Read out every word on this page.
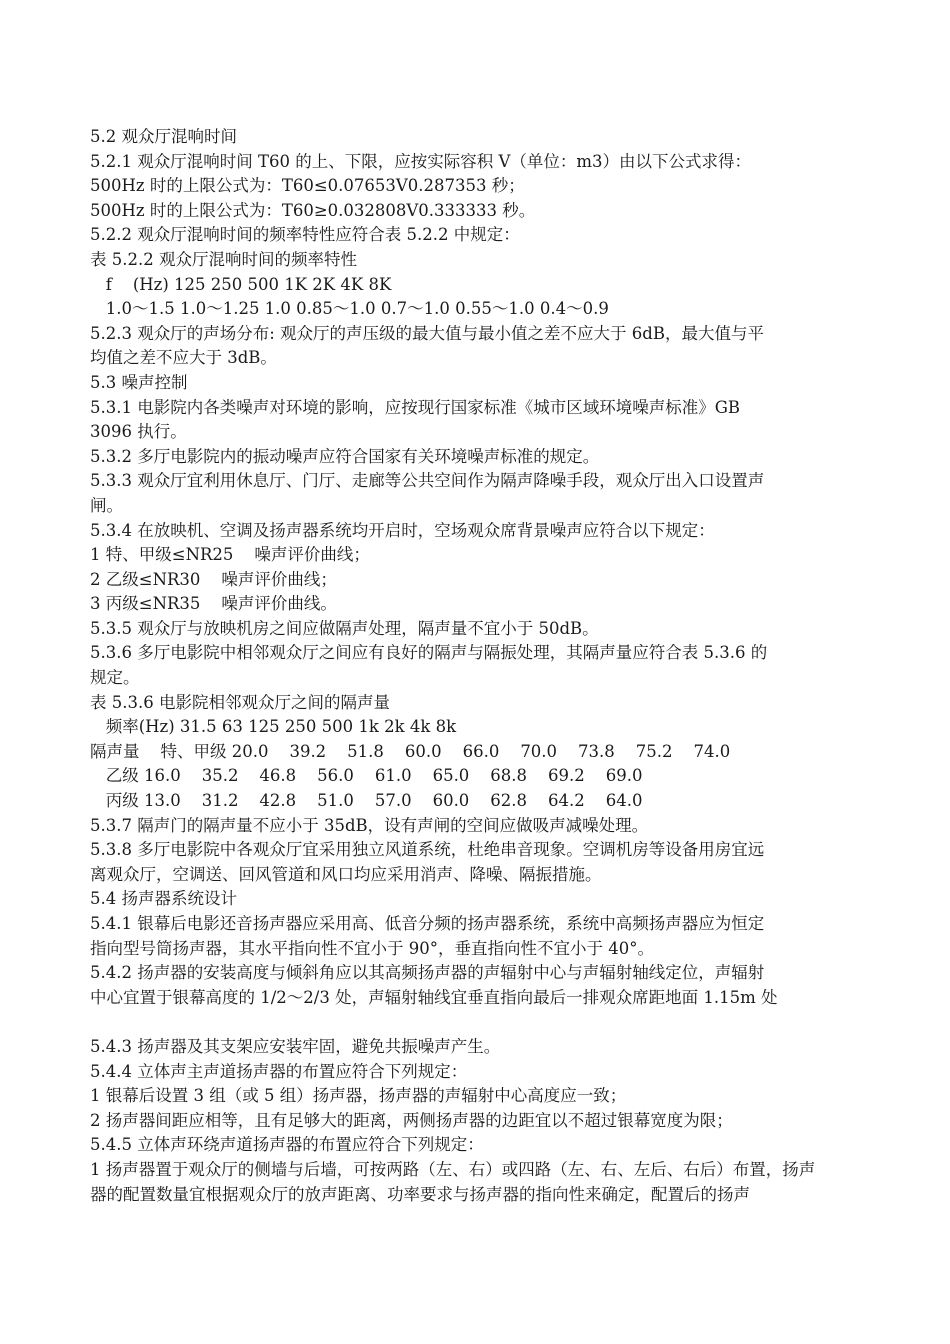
5.2 观众厅混响时间
5.2.1 观众厅混响时间 T60 的上、下限，应按实际容积 V（单位：m3）由以下公式求得：
500Hz 时的上限公式为：T60≤0.07653V0.287353 秒；
500Hz 时的上限公式为：T60≥0.032808V0.333333 秒。
5.2.2 观众厅混响时间的频率特性应符合表 5.2.2 中规定：
表 5.2.2 观众厅混响时间的频率特性
f    (Hz) 125 250 500 1K 2K 4K 8K
1.0～1.5 1.0～1.25 1.0 0.85～1.0 0.7～1.0 0.55～1.0 0.4～0.9
5.2.3 观众厅的声场分布: 观众厅的声压级的最大值与最小值之差不应大于 6dB，最大值与平
均值之差不应大于 3dB。
5.3 噪声控制
5.3.1 电影院内各类噪声对环境的影响，应按现行国家标准《城市区域环境噪声标准》GB
3096 执行。
5.3.2 多厅电影院内的振动噪声应符合国家有关环境噪声标准的规定。
5.3.3 观众厅宜利用休息厅、门厅、走廊等公共空间作为隔声降噪手段，观众厅出入口设置声
闸。
5.3.4 在放映机、空调及扬声器系统均开启时，空场观众席背景噪声应符合以下规定：
1 特、甲级≤NR25    噪声评价曲线；
2 乙级≤NR30    噪声评价曲线；
3 丙级≤NR35    噪声评价曲线。
5.3.5 观众厅与放映机房之间应做隔声处理，隔声量不宜小于 50dB。
5.3.6 多厅电影院中相邻观众厅之间应有良好的隔声与隔振处理，其隔声量应符合表 5.3.6 的
规定。
表 5.3.6 电影院相邻观众厅之间的隔声量
频率(Hz) 31.5 63 125 250 500 1k 2k 4k 8k
隔声量    特、甲级 20.0    39.2    51.8    60.0    66.0    70.0    73.8    75.2    74.0
乙级 16.0    35.2    46.8    56.0    61.0    65.0    68.8    69.2    69.0
丙级 13.0    31.2    42.8    51.0    57.0    60.0    62.8    64.2    64.0
5.3.7 隔声门的隔声量不应小于 35dB，设有声闸的空间应做吸声减噪处理。
5.3.8 多厅电影院中各观众厅宜采用独立风道系统，杜绝串音现象。空调机房等设备用房宜远
离观众厅，空调送、回风管道和风口均应采用消声、降噪、隔振措施。
5.4 扬声器系统设计
5.4.1 银幕后电影还音扬声器应采用高、低音分频的扬声器系统，系统中高频扬声器应为恒定
指向型号筒扬声器，其水平指向性不宜小于 90°，垂直指向性不宜小于 40°。
5.4.2 扬声器的安装高度与倾斜角应以其高频扬声器的声辐射中心与声辐射轴线定位，声辐射
中心宜置于银幕高度的 1/2～2/3 处，声辐射轴线宜垂直指向最后一排观众席距地面 1.15m 处
5.4.3 扬声器及其支架应安装牢固，避免共振噪声产生。
5.4.4 立体声主声道扬声器的布置应符合下列规定：
1 银幕后设置 3 组（或 5 组）扬声器，扬声器的声辐射中心高度应一致；
2 扬声器间距应相等，且有足够大的距离，两侧扬声器的边距宜以不超过银幕宽度为限；
5.4.5 立体声环绕声道扬声器的布置应符合下列规定：
1 扬声器置于观众厅的侧墙与后墙，可按两路（左、右）或四路（左、右、左后、右后）布置，扬声
器的配置数量宜根据观众厅的放声距离、功率要求与扬声器的指向性来确定，配置后的扬声
